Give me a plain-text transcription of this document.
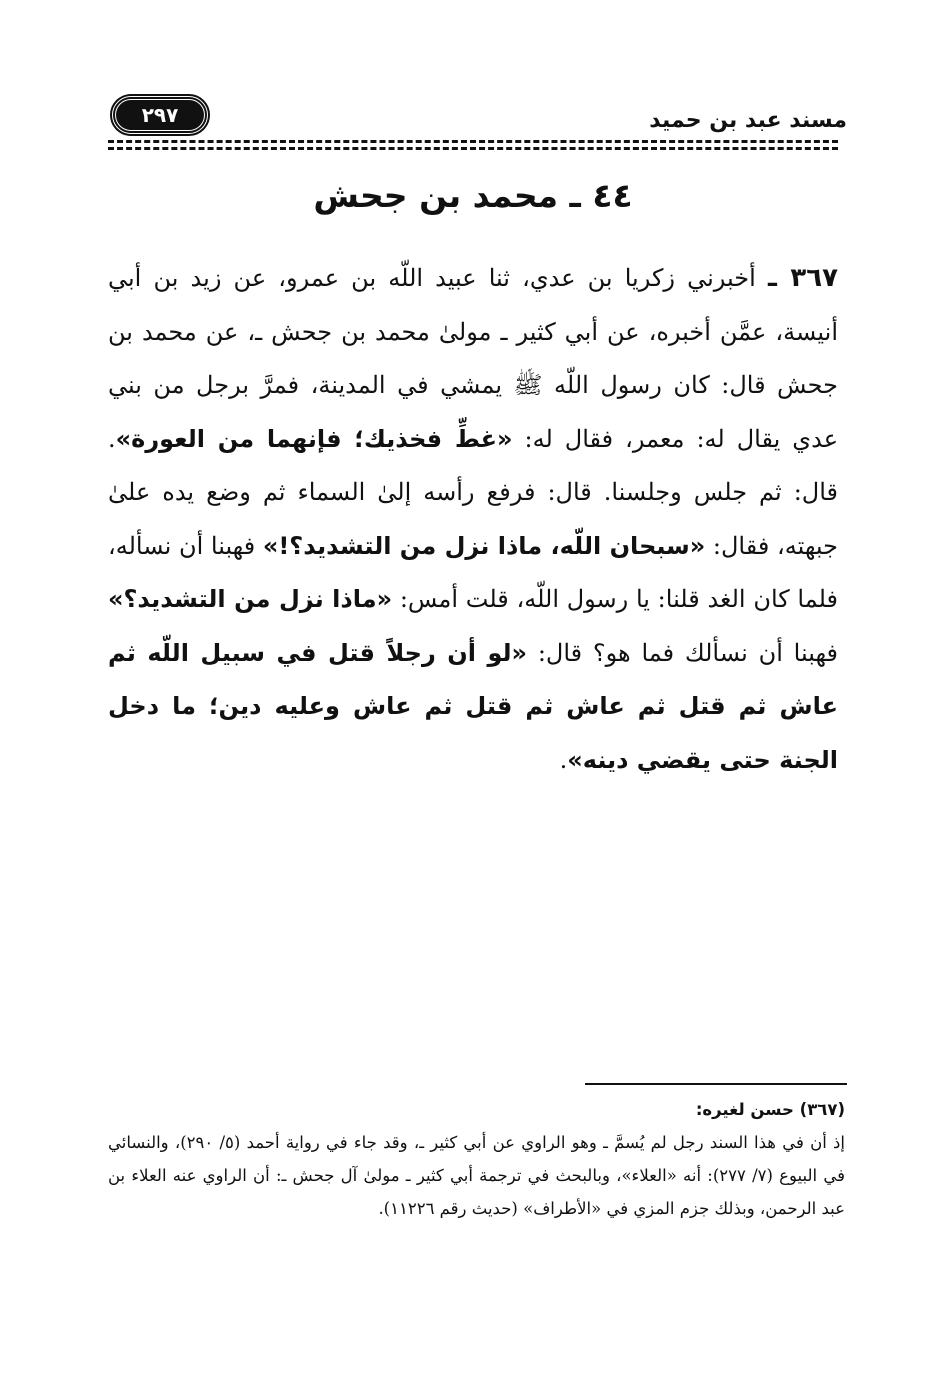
مسند عبد بن حميد
٢٩٧
٤٤ ـ محمد بن جحش
٣٦٧ ـ أخبرني زكريا بن عدي، ثنا عبيد اللّه بن عمرو، عن زيد بن أبي أنيسة، عمَّن أخبره، عن أبي كثير ـ مولىٰ محمد بن جحش ـ، عن محمد بن جحش قال: كان رسول اللّه ﷺ يمشي في المدينة، فمرَّ برجل من بني عدي يقال له: معمر، فقال له: «غطِّ فخذيك؛ فإنهما من العورة». قال: ثم جلس وجلسنا. قال: فرفع رأسه إلىٰ السماء ثم وضع يده علىٰ جبهته، فقال: «سبحان اللّه، ماذا نزل من التشديد؟!» فهبنا أن نسأله، فلما كان الغد قلنا: يا رسول اللّه، قلت أمس: «ماذا نزل من التشديد؟» فهبنا أن نسألك فما هو؟ قال: «لو أن رجلاً قتل في سبيل اللّه ثم عاش ثم قتل ثم عاش ثم قتل ثم عاش وعليه دين؛ ما دخل الجنة حتى يقضي دينه».
(٣٦٧) حسن لغيره:
إذ أن في هذا السند رجل لم يُسمَّ ـ وهو الراوي عن أبي كثير ـ، وقد جاء في رواية أحمد (٥/ ٢٩٠)، والنسائي في البيوع (٧/ ٢٧٧): أنه «العلاء»، وبالبحث في ترجمة أبي كثير ـ مولىٰ آل جحش ـ: أن الراوي عنه العلاء بن عبد الرحمن، وبذلك جزم المزي في «الأطراف» (حديث رقم ١١٢٢٦).
